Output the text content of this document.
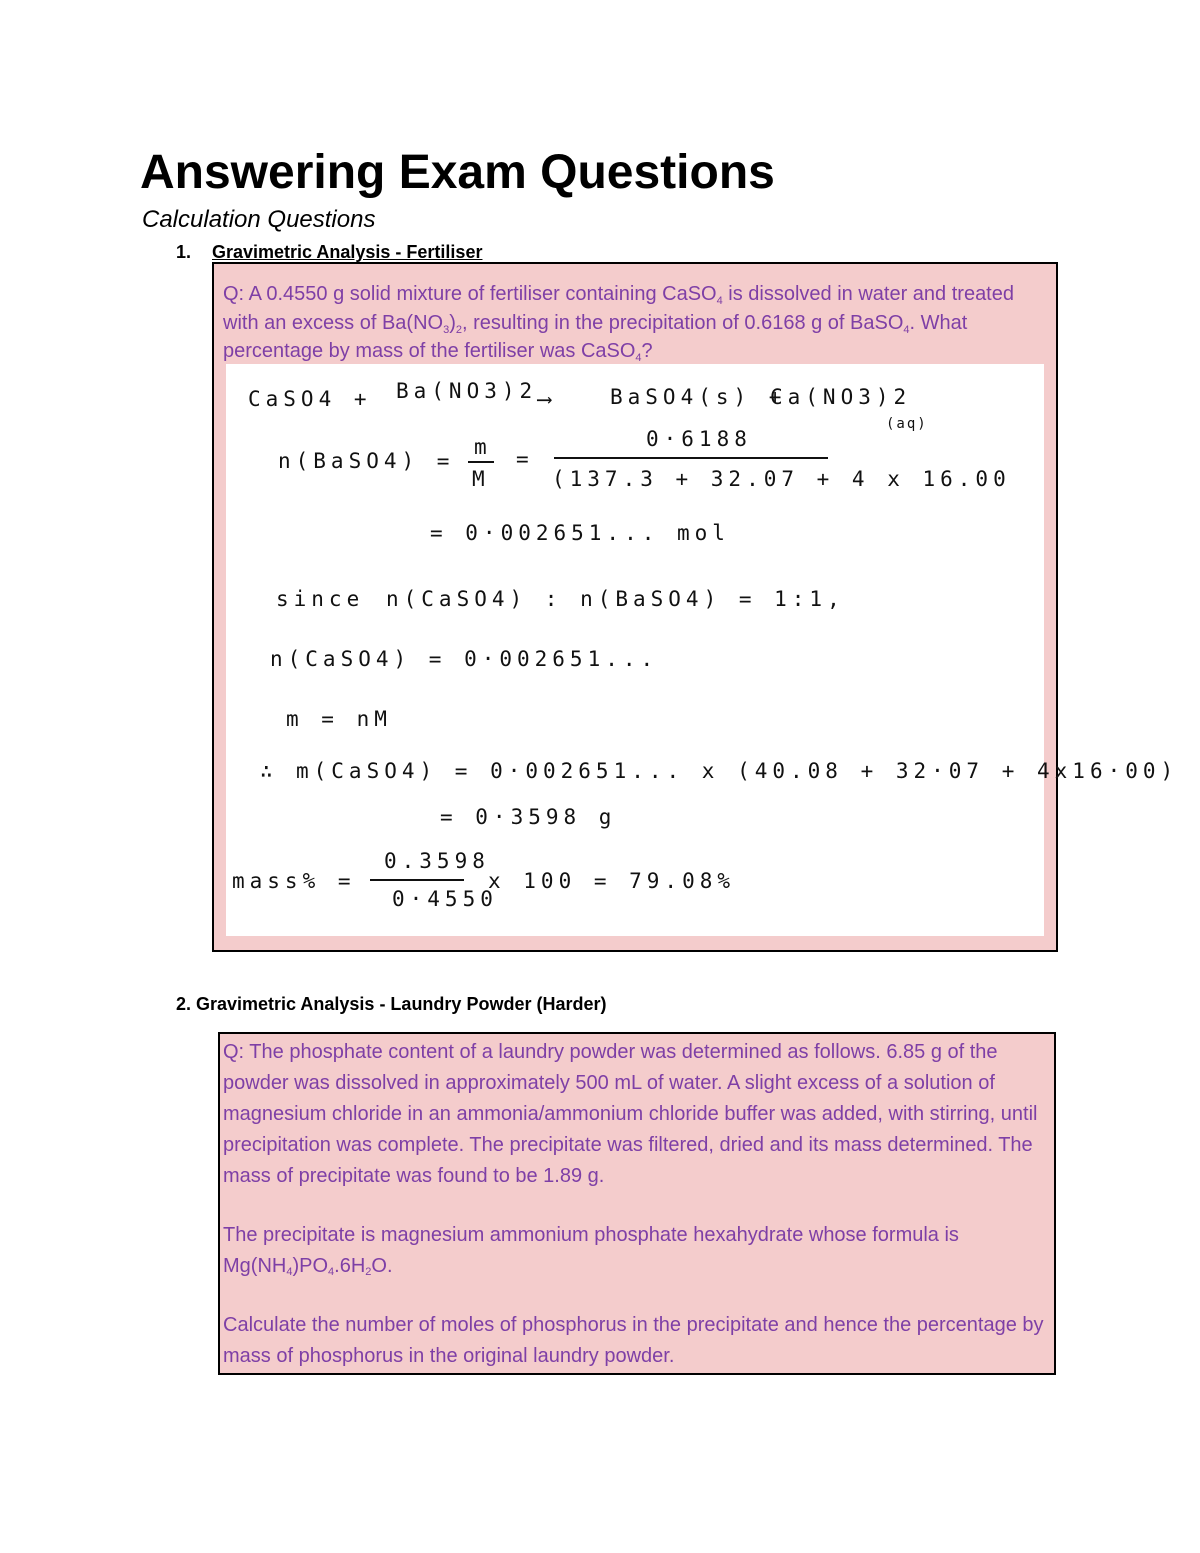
Answering Exam Questions
Calculation Questions
1. Gravimetric Analysis - Fertiliser
Q: A 0.4550 g solid mixture of fertiliser containing CaSO$_4$ is dissolved in water and treated with an excess of $Ba(NO_3)_2$, resulting in the precipitation of 0.6168 g of BaSO$_4$. What percentage by mass of the fertiliser was CaSO$_4$?
CaSO4 + Ba(NO3)2 ⟶	BaSO4(s) +
Ca(NO3)2
(aq)
n(BaSO4) =
m
M
=
0·6188
(137.3 + 32.07 + 4 x 16.00
= 0·002651... mol
since n(CaSO4) : n(BaSO4) = 1:1,
n(CaSO4) = 0·002651...
m = nM
∴ m(CaSO4) = 0·002651... x (40.08 + 32·07 + 4x16·00)
= 0·3598 g
mass% =
0.3598
0·4550
x 100 = 79.08%
2. Gravimetric Analysis - Laundry Powder (Harder)

Q: The phosphate content of a laundry powder was determined as follows. 6.85 g of the powder was dissolved in approximately 500 mL of water. A slight excess of a solution of magnesium chloride in an ammonia/ammonium chloride buffer was added, with stirring, until precipitation was complete. The precipitate was filtered, dried and its mass determined. The mass of precipitate was found to be 1.89 g.

The precipitate is magnesium ammonium phosphate hexahydrate whose formula is $Mg(NH_4)PO_4.6H_2O$.

Calculate the number of moles of phosphorus in the precipitate and hence the percentage by mass of phosphorus in the original laundry powder.
